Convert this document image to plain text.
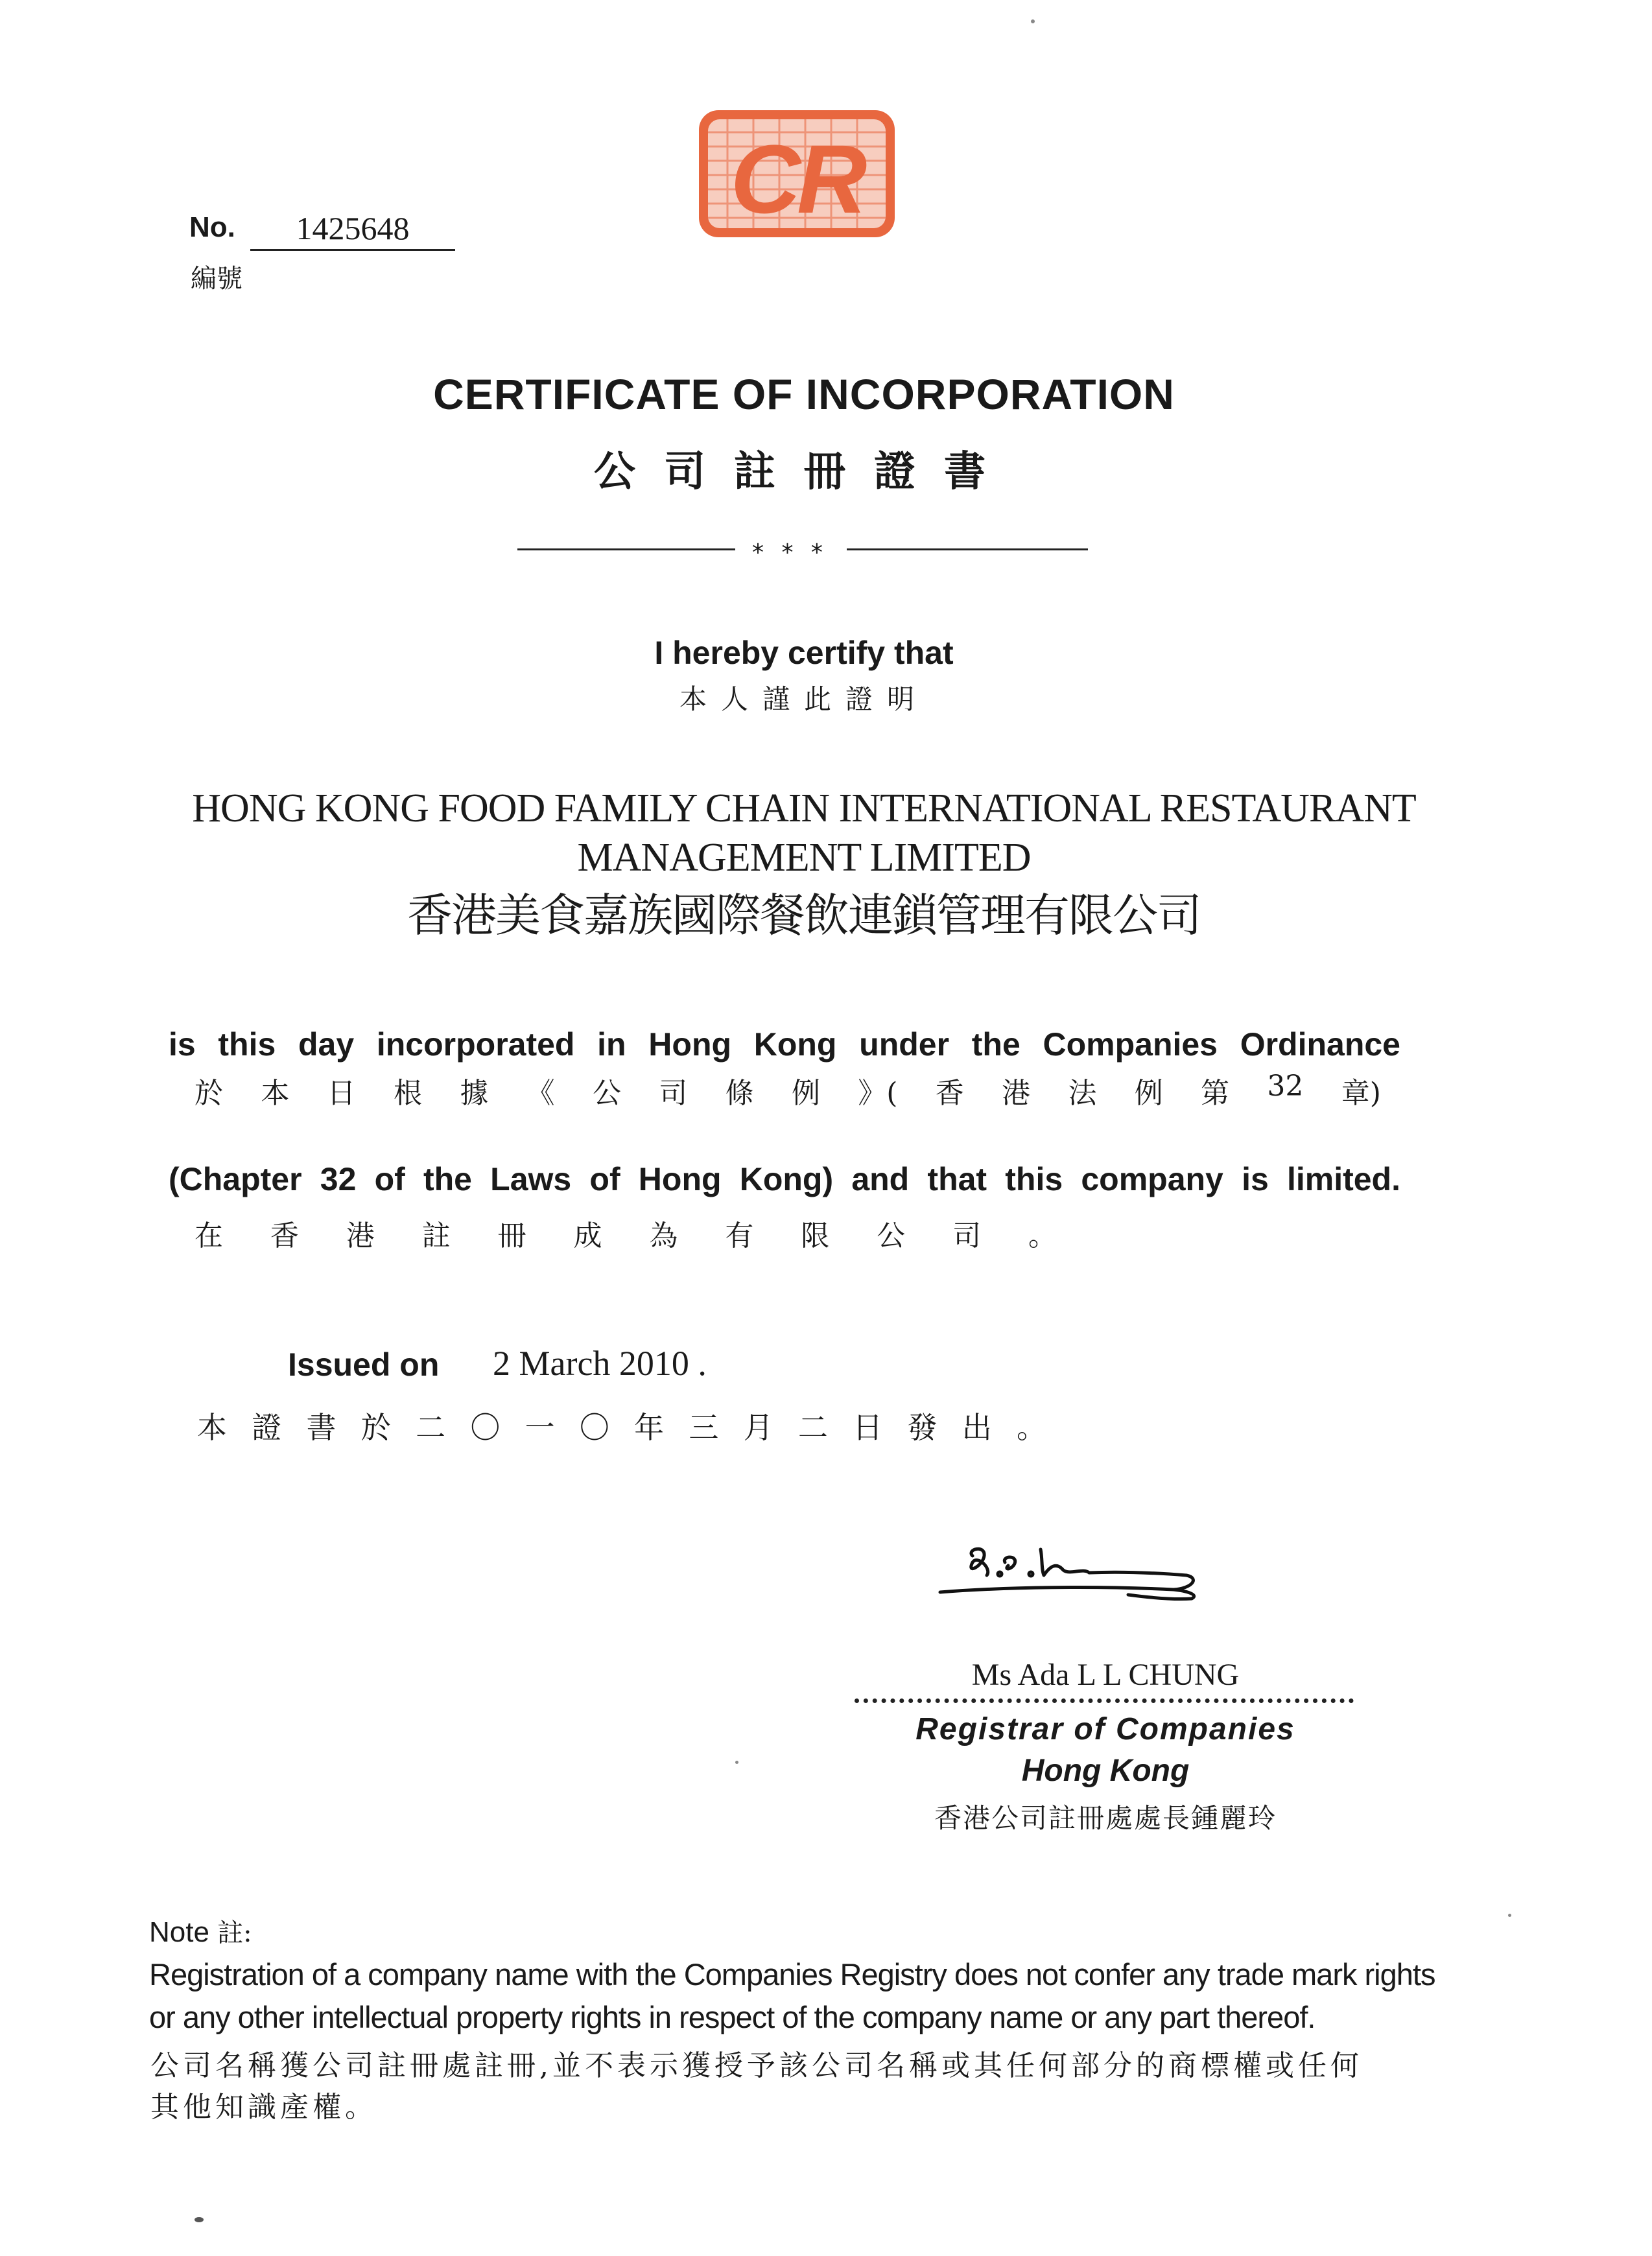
CR
No.	1425648
編號
CERTIFICATE OF INCORPORATION
公司註冊證書
* * *
I hereby certify that
本人謹此證明
HONG KONG FOOD FAMILY CHAIN INTERNATIONAL RESTAURANT
MANAGEMENT LIMITED
香港美食嘉族國際餐飲連鎖管理有限公司
is this day incorporated in Hong Kong under the Companies Ordinance
於 本 日 根 據 《 公 司 條 例 》( 香 港 法 例 第 32 章)
(Chapter 32 of the Laws of Hong Kong) and that this company is limited.
在 香 港 註 冊 成 為 有 限 公 司 。
Issued on 2 March 2010 .
本 證 書 於 二 〇 一 〇 年 三 月 二 日 發 出 。
Ms Ada L L CHUNG
Registrar of Companies
Hong Kong
香港公司註冊處處長鍾麗玲
Note 註:
Registration of a company name with the Companies Registry does not confer any trade mark rights
or any other intellectual property rights in respect of the company name or any part thereof.
公司名稱獲公司註冊處註冊,並不表示獲授予該公司名稱或其任何部分的商標權或任何
其他知識產權。
